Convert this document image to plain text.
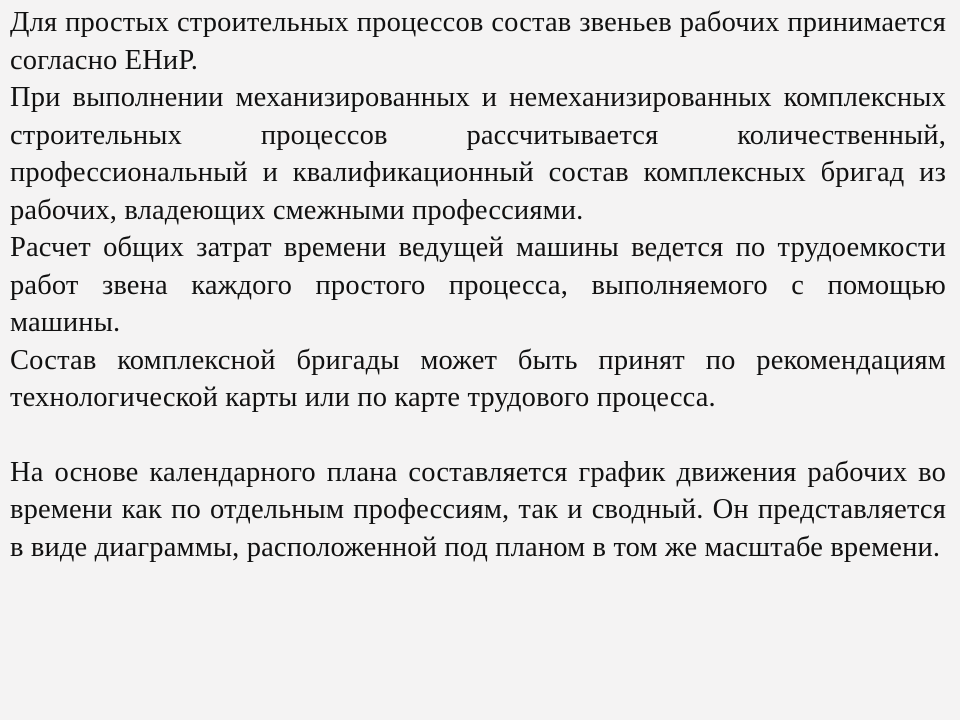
Для простых строительных процессов состав звеньев рабочих принимается согласно ЕНиР.

При выполнении механизированных и немеханизированных комплексных строительных процессов рассчитывается количественный, профессиональный и квалификационный состав комплексных бригад из рабочих, владеющих смежными профессиями.

Расчет общих затрат времени ведущей машины ведется по трудоемкости работ звена каждого простого процесса, выполняемого с помощью машины.

Состав комплексной бригады может быть принят по рекомендациям технологической карты или по карте трудового процесса.

На основе календарного плана составляется график движения рабочих во времени как по отдельным профессиям, так и сводный. Он представляется в виде диаграммы, расположенной под планом в том же масштабе времени.
